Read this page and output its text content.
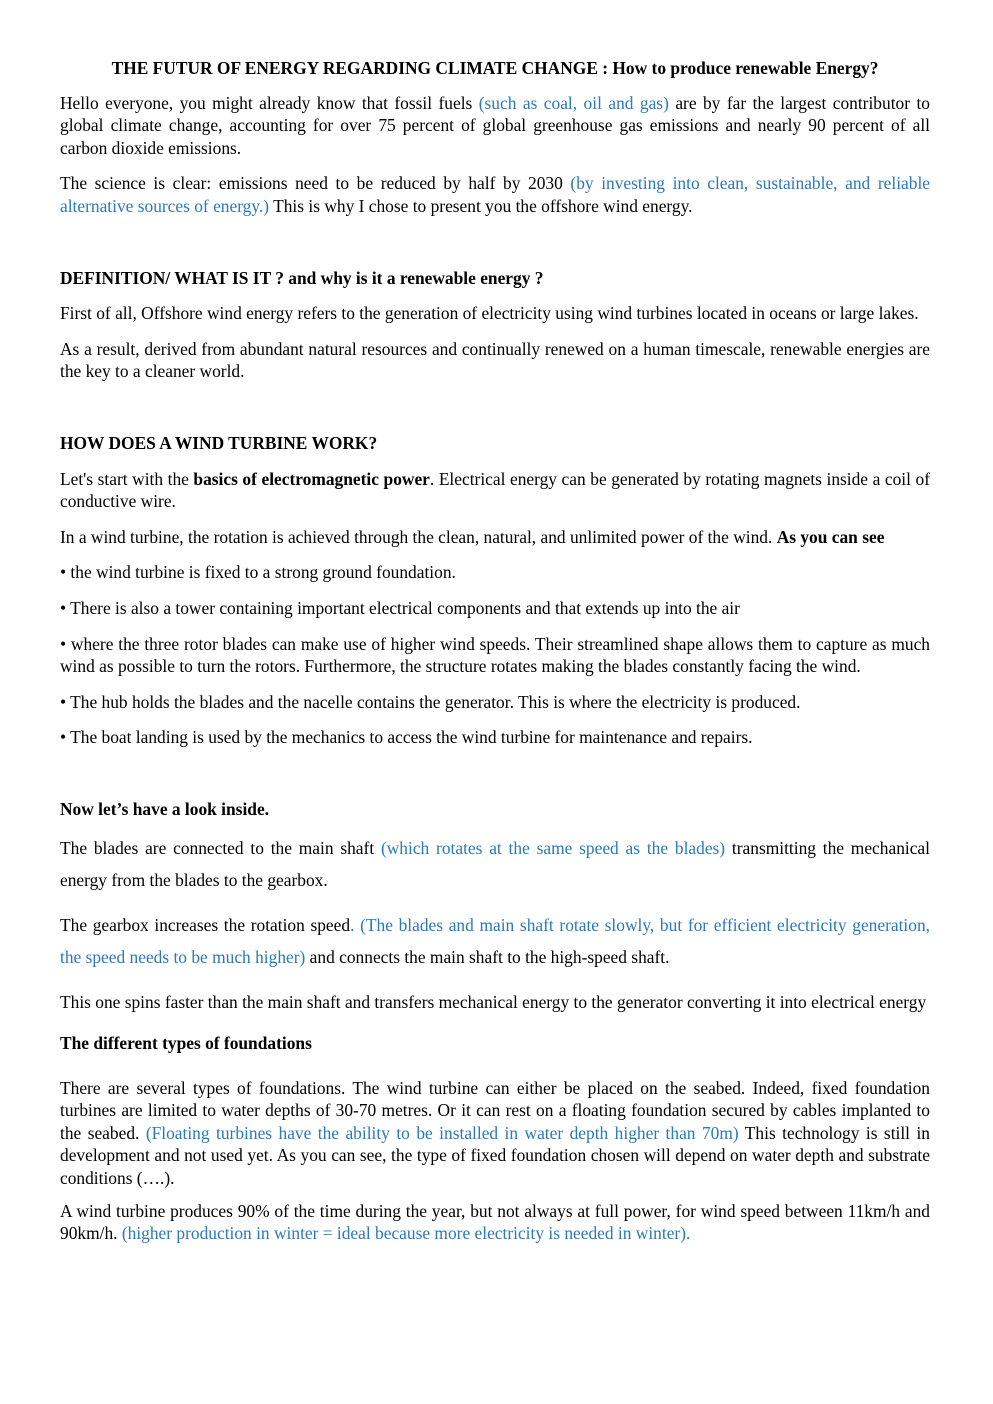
THE FUTUR OF ENERGY REGARDING CLIMATE CHANGE : How to produce renewable Energy?

Hello everyone, you might already know that fossil fuels (such as coal, oil and gas) are by far the largest contributor to global climate change, accounting for over 75 percent of global greenhouse gas emissions and nearly 90 percent of all carbon dioxide emissions.

The science is clear: emissions need to be reduced by half by 2030 (by investing into clean, sustainable, and reliable alternative sources of energy.) This is why I chose to present you the offshore wind energy.

DEFINITION/ WHAT IS IT ? and why is it a renewable energy ?

First of all, Offshore wind energy refers to the generation of electricity using wind turbines located in oceans or large lakes.

As a result, derived from abundant natural resources and continually renewed on a human timescale, renewable energies are the key to a cleaner world.

HOW DOES A WIND TURBINE WORK?

Let's start with the basics of electromagnetic power. Electrical energy can be generated by rotating magnets inside a coil of conductive wire.

In a wind turbine, the rotation is achieved through the clean, natural, and unlimited power of the wind. As you can see

• the wind turbine is fixed to a strong ground foundation.

• There is also a tower containing important electrical components and that extends up into the air

• where the three rotor blades can make use of higher wind speeds. Their streamlined shape allows them to capture as much wind as possible to turn the rotors. Furthermore, the structure rotates making the blades constantly facing the wind.

• The hub holds the blades and the nacelle contains the generator. This is where the electricity is produced.

• The boat landing is used by the mechanics to access the wind turbine for maintenance and repairs.

Now let’s have a look inside.

The blades are connected to the main shaft (which rotates at the same speed as the blades) transmitting the mechanical energy from the blades to the gearbox.

The gearbox increases the rotation speed. (The blades and main shaft rotate slowly, but for efficient electricity generation, the speed needs to be much higher) and connects the main shaft to the high-speed shaft.

This one spins faster than the main shaft and transfers mechanical energy to the generator converting it into electrical energy

The different types of foundations

There are several types of foundations. The wind turbine can either be placed on the seabed. Indeed, fixed foundation turbines are limited to water depths of 30-70 metres. Or it can rest on a floating foundation secured by cables implanted to the seabed. (Floating turbines have the ability to be installed in water depth higher than 70m) This technology is still in development and not used yet. As you can see, the type of fixed foundation chosen will depend on water depth and substrate conditions (….).

A wind turbine produces 90% of the time during the year, but not always at full power, for wind speed between 11km/h and 90km/h. (higher production in winter = ideal because more electricity is needed in winter).
